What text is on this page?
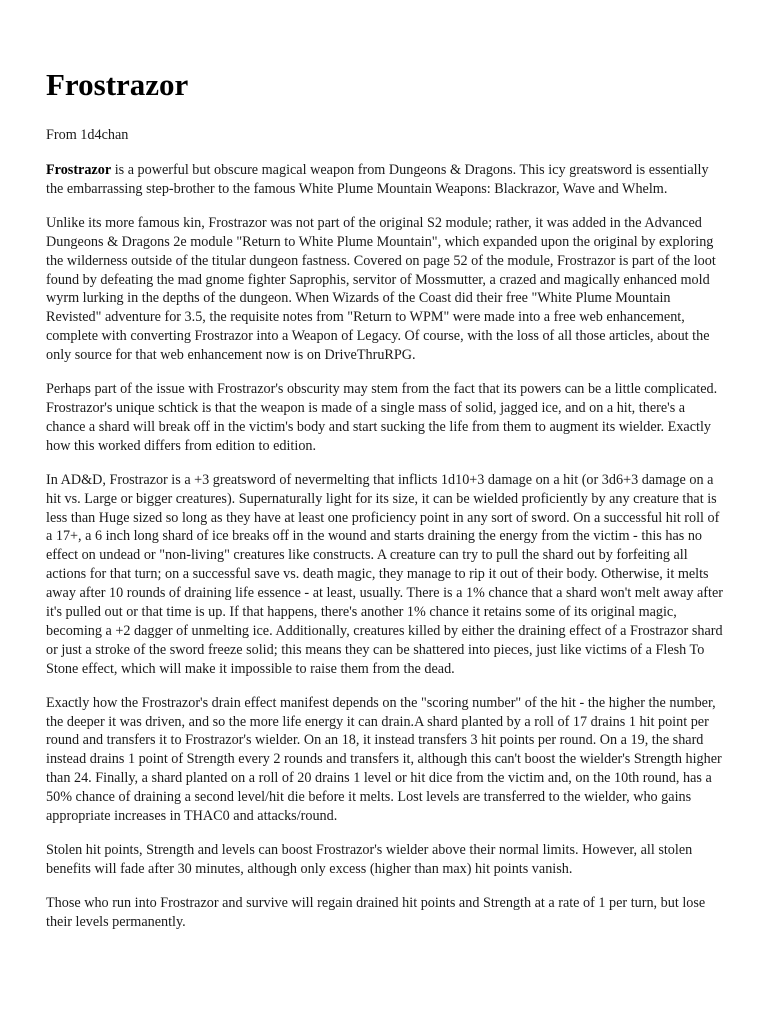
Frostrazor
From 1d4chan

Frostrazor is a powerful but obscure magical weapon from Dungeons & Dragons. This icy greatsword is essentially the embarrassing step-brother to the famous White Plume Mountain Weapons: Blackrazor, Wave and Whelm.

Unlike its more famous kin, Frostrazor was not part of the original S2 module; rather, it was added in the Advanced Dungeons & Dragons 2e module "Return to White Plume Mountain", which expanded upon the original by exploring the wilderness outside of the titular dungeon fastness. Covered on page 52 of the module, Frostrazor is part of the loot found by defeating the mad gnome fighter Saprophis, servitor of Mossmutter, a crazed and magically enhanced mold wyrm lurking in the depths of the dungeon. When Wizards of the Coast did their free "White Plume Mountain Revisted" adventure for 3.5, the requisite notes from "Return to WPM" were made into a free web enhancement, complete with converting Frostrazor into a Weapon of Legacy. Of course, with the loss of all those articles, about the only source for that web enhancement now is on DriveThruRPG.

Perhaps part of the issue with Frostrazor's obscurity may stem from the fact that its powers can be a little complicated. Frostrazor's unique schtick is that the weapon is made of a single mass of solid, jagged ice, and on a hit, there's a chance a shard will break off in the victim's body and start sucking the life from them to augment its wielder. Exactly how this worked differs from edition to edition.

In AD&D, Frostrazor is a +3 greatsword of nevermelting that inflicts 1d10+3 damage on a hit (or 3d6+3 damage on a hit vs. Large or bigger creatures). Supernaturally light for its size, it can be wielded proficiently by any creature that is less than Huge sized so long as they have at least one proficiency point in any sort of sword. On a successful hit roll of a 17+, a 6 inch long shard of ice breaks off in the wound and starts draining the energy from the victim - this has no effect on undead or "non-living" creatures like constructs. A creature can try to pull the shard out by forfeiting all actions for that turn; on a successful save vs. death magic, they manage to rip it out of their body. Otherwise, it melts away after 10 rounds of draining life essence - at least, usually. There is a 1% chance that a shard won't melt away after it's pulled out or that time is up. If that happens, there's another 1% chance it retains some of its original magic, becoming a +2 dagger of unmelting ice. Additionally, creatures killed by either the draining effect of a Frostrazor shard or just a stroke of the sword freeze solid; this means they can be shattered into pieces, just like victims of a Flesh To Stone effect, which will make it impossible to raise them from the dead.

Exactly how the Frostrazor's drain effect manifest depends on the "scoring number" of the hit - the higher the number, the deeper it was driven, and so the more life energy it can drain.A shard planted by a roll of 17 drains 1 hit point per round and transfers it to Frostrazor's wielder. On an 18, it instead transfers 3 hit points per round. On a 19, the shard instead drains 1 point of Strength every 2 rounds and transfers it, although this can't boost the wielder's Strength higher than 24. Finally, a shard planted on a roll of 20 drains 1 level or hit dice from the victim and, on the 10th round, has a 50% chance of draining a second level/hit die before it melts. Lost levels are transferred to the wielder, who gains appropriate increases in THAC0 and attacks/round.

Stolen hit points, Strength and levels can boost Frostrazor's wielder above their normal limits. However, all stolen benefits will fade after 30 minutes, although only excess (higher than max) hit points vanish.

Those who run into Frostrazor and survive will regain drained hit points and Strength at a rate of 1 per turn, but lose their levels permanently.
